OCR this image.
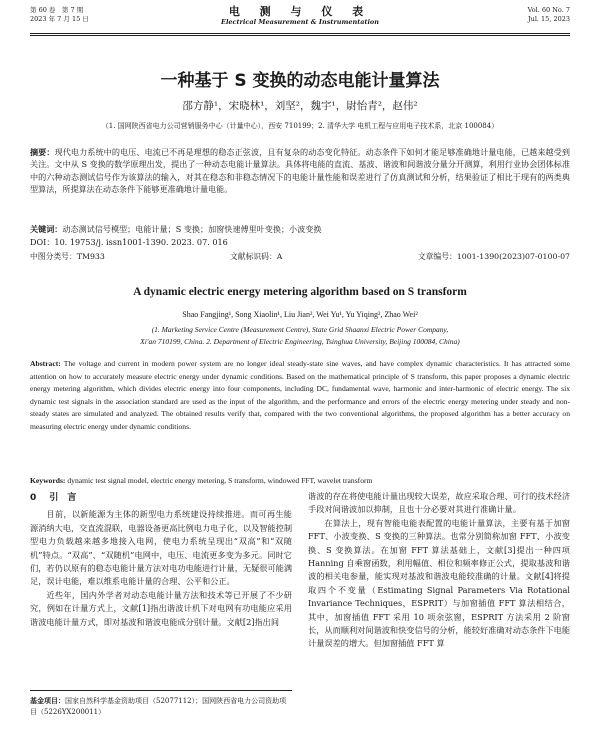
第 60 卷　第 7 期
2023 年 7 月 15 日
电 测 与 仪 表
Electrical Measurement & Instrumentation
Vol. 60 No. 7
Jul. 15, 2023
一种基于 S 变换的动态电能计量算法
邵方静¹，宋晓林¹，刘坚²，魏宇¹，尉怡青²，赵伟²
（1. 国网陕西省电力公司营销服务中心（计量中心），西安 710199；2. 清华大学 电机工程与应用电子技术系，北京 100084）
摘要：现代电力系统中的电压、电流已不再是理想的稳态正弦波，且有复杂的动态变化特征。动态条件下如何才能足够准确地计量电能，已越来越受到关注。文中从 S 变换的数学原理出发，提出了一种动态电能计量算法。具体将电能的直流、基波、谐波和间谐波分量分开测算，利用行业协会团体标准中的六种动态测试信号作为该算法的输入，对其在稳态和非稳态情况下的电能计量性能和误差进行了仿真测试和分析，结果验证了相比于现有的两类典型算法，所提算法在动态条件下能够更准确地计量电能。
关键词：动态测试信号模型；电能计量；S 变换；加窗快速傅里叶变换；小波变换
DOI：10. 19753/j. issn1001-1390. 2023. 07. 016
中图分类号：TM933	文献标识码：A	文章编号：1001-1390(2023)07-0100-07
A dynamic electric energy metering algorithm based on S transform
Shao Fangjing¹, Song Xiaolin¹, Liu Jian², Wei Yu¹, Yu Yiqing², Zhao Wei²
(1. Marketing Service Centre (Measurement Centre), State Grid Shaanxi Electric Power Company,
Xi'an 710199, China. 2. Department of Electric Engineering, Tsinghua University, Beijing 100084, China)
Abstract: The voltage and current in modern power system are no longer ideal steady-state sine waves, and have complex dynamic characteristics. It has attracted some attention on how to accurately measure electric energy under dynamic conditions. Based on the mathematical principle of S transform, this paper proposes a dynamic electric energy metering algorithm, which divides electric energy into four components, including DC, fundamental wave, harmonic and inter-harmonic of electric energy. The six dynamic test signals in the association standard are used as the input of the algorithm, and the performance and errors of the electric energy metering under steady and non-steady states are simulated and analyzed. The obtained results verify that, compared with the two conventional algorithms, the proposed algorithm has a better accuracy on measuring electric energy under dynamic conditions.
Keywords: dynamic test signal model, electric energy metering, S transform, windowed FFT, wavelet transform
0 引　言

目前，以新能源为主体的新型电力系统建设持续推进。而可再生能源消纳大电，交直流混联，电器设备更高比例电力电子化，以及智能控制型电力负载越来越多地接入电网，使电力系统呈现出“双高”和“双随机”特点。“双高”、“双随机”电网中，电压、电流更多变为多元。同时它们，若仍以原有的稳态电能计量方法对电功电能进行计量，无疑很可能满足，误计电能，难以维系电能计量的合理、公平和公正。

近些年，国内外学者对动态电能计量方法和技术等已开展了不少研究，例如在计量方式上，文献[1]指出谐波计机下对电网有功电能应采用谐波电能计量方式，即对基波和谐波电能成分别计量。文献[2]指出间

谐波的存在将使电能计量出现较大误差，故应采取合理、可行的技术经济手段对间谐波加以抑制，且也十分必要对其进行准确计量。

在算法上，现有智能电能表配置的电能计量算法，主要有基于加窗 FFT、小波变换、S 变换的三种算法。也常分别简称加窗 FFT、小波变换、S 变换算法。在加窗 FFT 算法基础上，文献[3]提出一种四项 Hanning 自乘窗函数，利用幅值、相位和频率修正公式，提取基波和谐波的相关电参量，能实现对基波和谐波电能较准确的计量。文献[4]将提取四个不变量（Estimating Signal Parameters Via Rotational Invariance Techniques，ESPRIT）与加窗插值 FFT 算法相结合，其中，加窗插值 FFT 采用 10 项余弦窗，ESPRIT 方法采用 2 阶窗长，从而顺利对间谐波和快变信号的分析，能较好准确对动态条件下电能计量误差的增大。但加窗插值 FFT 算

基金项目：国家自然科学基金资助项目（52077112）；国网陕西省电力公司资助项目（5226YX200011）
